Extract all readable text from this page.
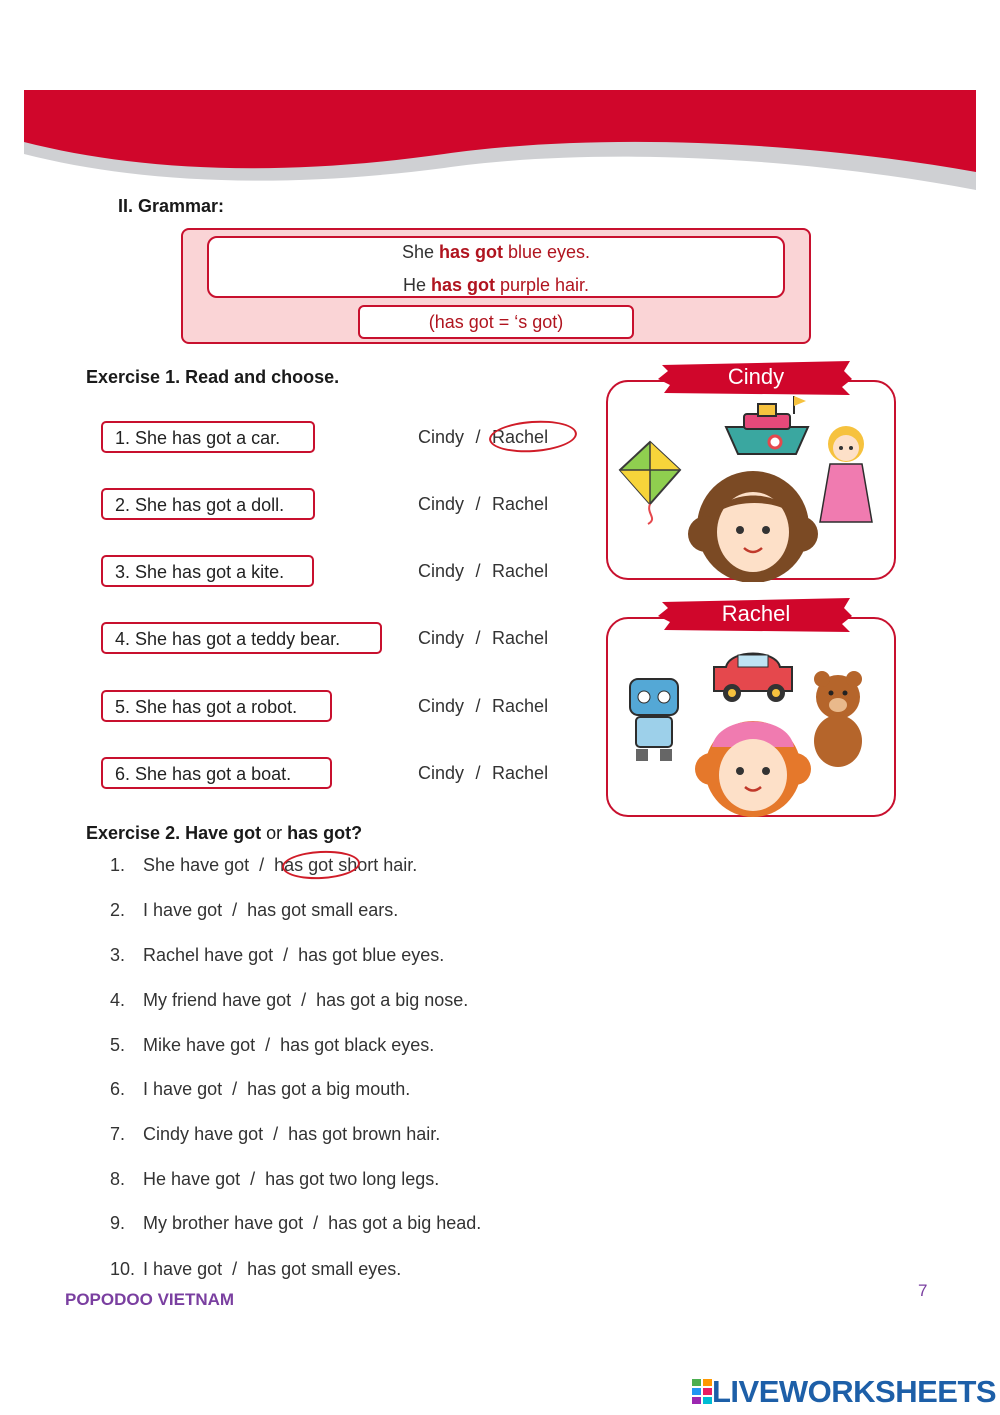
II. Grammar:
She has got blue eyes.
He has got purple hair.
(has got = ‘s got)
Exercise 1. Read and choose.
1. She has got a car.
2. She has got a doll.
3. She has got a kite.
4. She has got a teddy bear.
5. She has got a robot.
6. She has got a boat.
Cindy / Rachel
Cindy / Rachel
Cindy / Rachel
Cindy / Rachel
Cindy / Rachel
Cindy / Rachel
Cindy
Rachel
Exercise 2. Have got or has got?
1. She have got  /  has got short hair.
2. I have got  /  has got small ears.
3. Rachel have got  /  has got blue eyes.
4. My friend have got  /  has got a big nose.
5. Mike have got  /  has got black eyes.
6. I have got  /  has got a big mouth.
7. Cindy have got  /  has got brown hair.
8. He have got  /  has got two long legs.
9. My brother have got  /  has got a big head.
10. I have got  /  has got small eyes.
POPODOO VIETNAM	7
LIVEWORKSHEETS
